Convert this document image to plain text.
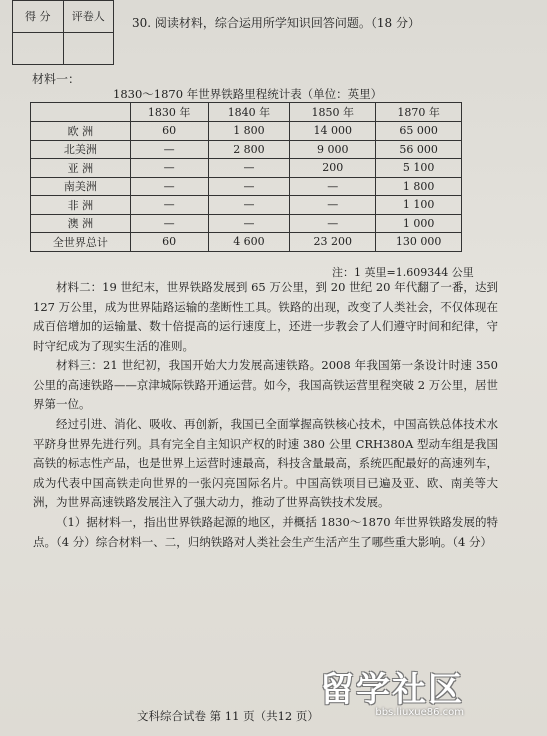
得 分	评卷人	30. 阅读材料，综合运用所学知识回答问题。（18 分）
材料一：
1830～1870 年世界铁路里程统计表（单位：英里）
	1830 年	1840 年	1850 年	1870 年
欧 洲	60	1 800	14 000	65 000
北美洲	—	2 800	9 000	56 000
亚 洲	—	—	200	5 100
南美洲	—	—	—	1 800
非 洲	—	—	—	1 100
澳 洲	—	—	—	1 000
全世界总计	60	4 600	23 200	130 000
注：1 英里=1.609344 公里
材料二：19 世纪末，世界铁路发展到 65 万公里，到 20 世纪 20 年代翻了一番，达到 127 万公里，成为世界陆路运输的垄断性工具。铁路的出现，改变了人类社会，不仅体现在成百倍增加的运输量、数十倍提高的运行速度上，还进一步教会了人们遵守时间和纪律，守时守纪成为了现实生活的准则。
材料三：21 世纪初，我国开始大力发展高速铁路。2008 年我国第一条设计时速 350 公里的高速铁路——京津城际铁路开通运营。如今，我国高铁运营里程突破 2 万公里，居世界第一位。
经过引进、消化、吸收、再创新，我国已全面掌握高铁核心技术，中国高铁总体技术水平跻身世界先进行列。具有完全自主知识产权的时速 380 公里 CRH380A 型动车组是我国高铁的标志性产品，也是世界上运营时速最高，科技含量最高，系统匹配最好的高速列车，成为代表中国高铁走向世界的一张闪亮国际名片。中国高铁项目已遍及亚、欧、南美等大洲，为世界高速铁路发展注入了强大动力，推动了世界高铁技术发展。
（1）据材料一，指出世界铁路起源的地区，并概括 1830～1870 年世界铁路发展的特点。（4 分）综合材料一、二，归纳铁路对人类社会生产生活产生了哪些重大影响。（4 分）
文科综合试卷 第 11 页（共12 页）
留学社区
bbs.liuxue86.com
